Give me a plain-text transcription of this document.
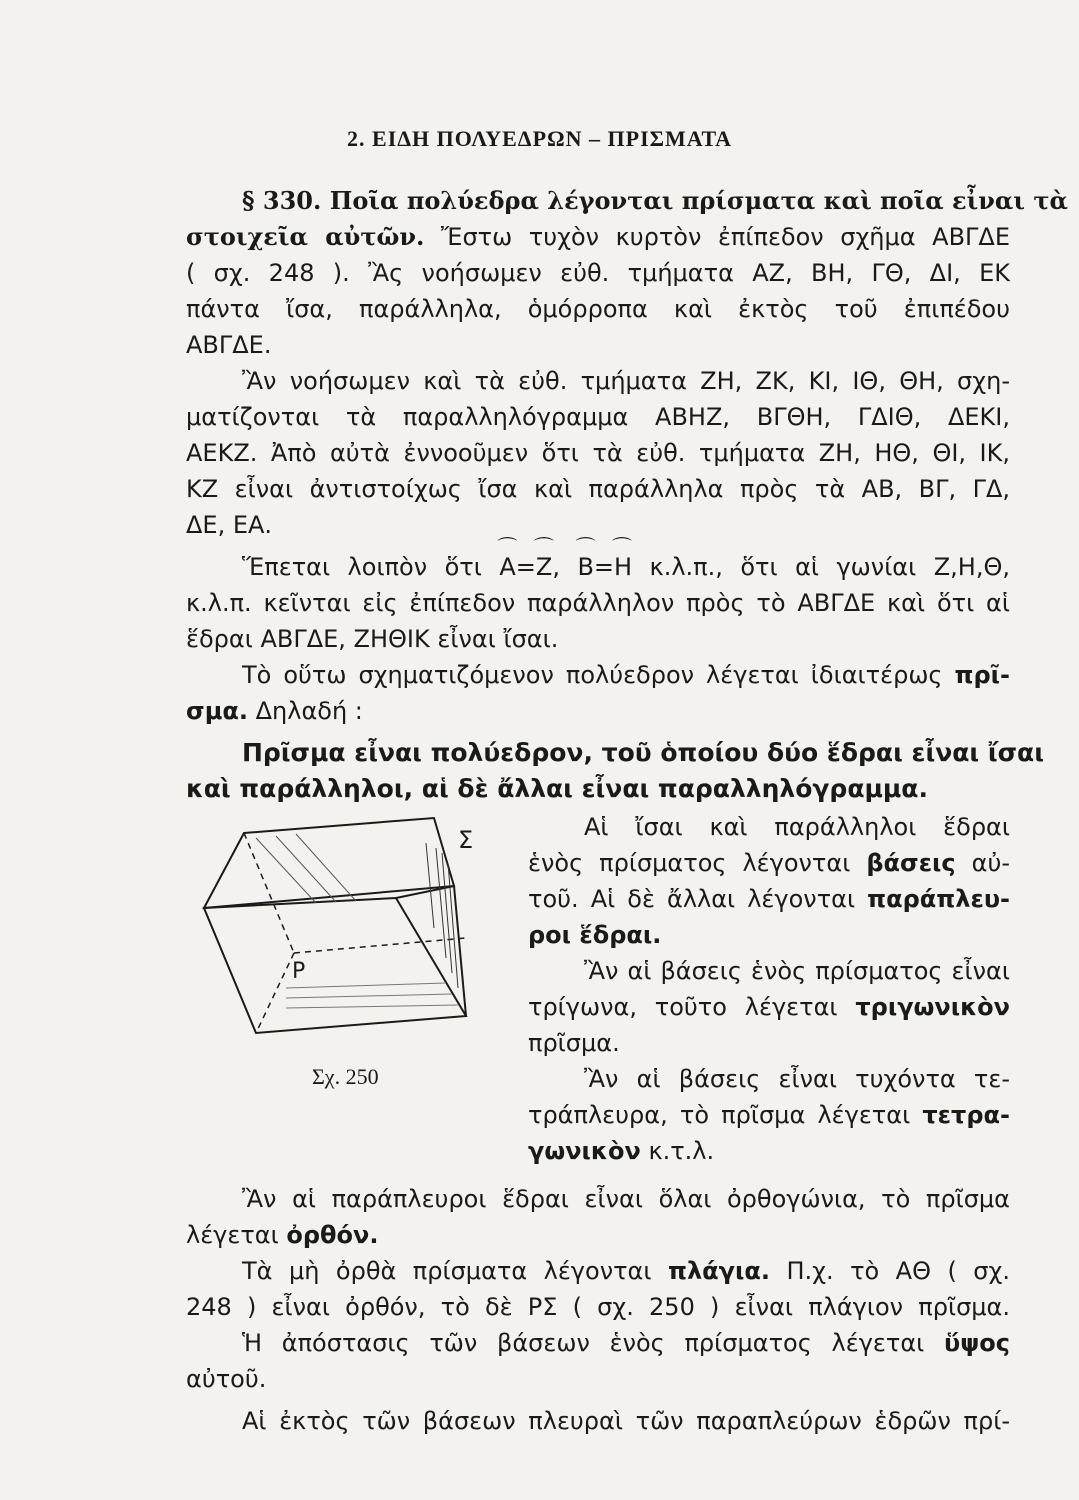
2. ΕΙΔΗ ΠΟΛΥΕΔΡΩΝ – ΠΡΙΣΜΑΤΑ
§ 330. Ποῖα πολύεδρα λέγονται πρίσματα καὶ ποῖα εἶναι τὰ
στοιχεῖα αὐτῶν. Ἔστω τυχὸν κυρτὸν ἐπίπεδον σχῆμα ΑΒΓΔΕ
( σχ. 248 ). Ἂς νοήσωμεν εὐθ. τμήματα ΑΖ, ΒΗ, ΓΘ, ΔΙ, ΕΚ
πάντα ἴσα, παράλληλα, ὁμόρροπα καὶ ἐκτὸς τοῦ ἐπιπέδου
ΑΒΓΔΕ.
Ἂν νοήσωμεν καὶ τὰ εὐθ. τμήματα ΖΗ, ΖΚ, ΚΙ, ΙΘ, ΘΗ, σχη-
ματίζονται τὰ παραλληλόγραμμα ΑΒΗΖ, ΒΓΘΗ, ΓΔΙΘ, ΔΕΚΙ,
ΑΕΚΖ. Ἀπὸ αὐτὰ ἐννοοῦμεν ὅτι τὰ εὐθ. τμήματα ΖΗ, ΗΘ, ΘΙ, ΙΚ,
ΚΖ εἶναι ἀντιστοίχως ἴσα καὶ παράλληλα πρὸς τὰ ΑΒ, ΒΓ, ΓΔ,
ΔΕ, ΕΑ.
Ἕπεται λοιπὸν ὅτι
⌒
Α=
⌒
Ζ,
⌒
Β=
⌒
Η κ.λ.π., ὅτι αἱ γωνίαι Ζ,Η,Θ,
κ.λ.π. κεῖνται εἰς ἐπίπεδον παράλληλον πρὸς τὸ ΑΒΓΔΕ καὶ ὅτι αἱ
ἕδραι ΑΒΓΔΕ, ΖΗΘΙΚ εἶναι ἴσαι.
Τὸ οὕτω σχηματιζόμενον πολύεδρον λέγεται ἰδιαιτέρως πρῖ-
σμα. Δηλαδή :
Πρῖσμα εἶναι πολύεδρον, τοῦ ὁποίου δύο ἕδραι εἶναι ἴσαι
καὶ παράλληλοι, αἱ δὲ ἄλλαι εἶναι παραλληλόγραμμα.
Αἱ ἴσαι καὶ παράλληλοι ἕδραι
ἑνὸς πρίσματος λέγονται βάσεις αὐ-
τοῦ. Αἱ δὲ ἄλλαι λέγονται παράπλευ-
ροι ἕδραι.
Ἂν αἱ βάσεις ἑνὸς πρίσματος εἶναι
τρίγωνα, τοῦτο λέγεται τριγωνικὸν
πρῖσμα.
Ἂν αἱ βάσεις εἶναι τυχόντα τε-
τράπλευρα, τὸ πρῖσμα λέγεται τετρα-
γωνικὸν κ.τ.λ.
Σ
Ρ
Σχ. 250
Ἂν αἱ παράπλευροι ἕδραι εἶναι ὅλαι ὀρθογώνια, τὸ πρῖσμα
λέγεται ὀρθόν.
Τὰ μὴ ὀρθὰ πρίσματα λέγονται πλάγια. Π.χ. τὸ ΑΘ ( σχ.
248 ) εἶναι ὀρθόν, τὸ δὲ ΡΣ ( σχ. 250 ) εἶναι πλάγιον πρῖσμα.
Ἡ ἀπόστασις τῶν βάσεων ἑνὸς πρίσματος λέγεται ὕψος
αὐτοῦ.
Αἱ ἐκτὸς τῶν βάσεων πλευραὶ τῶν παραπλεύρων ἑδρῶν πρί-
